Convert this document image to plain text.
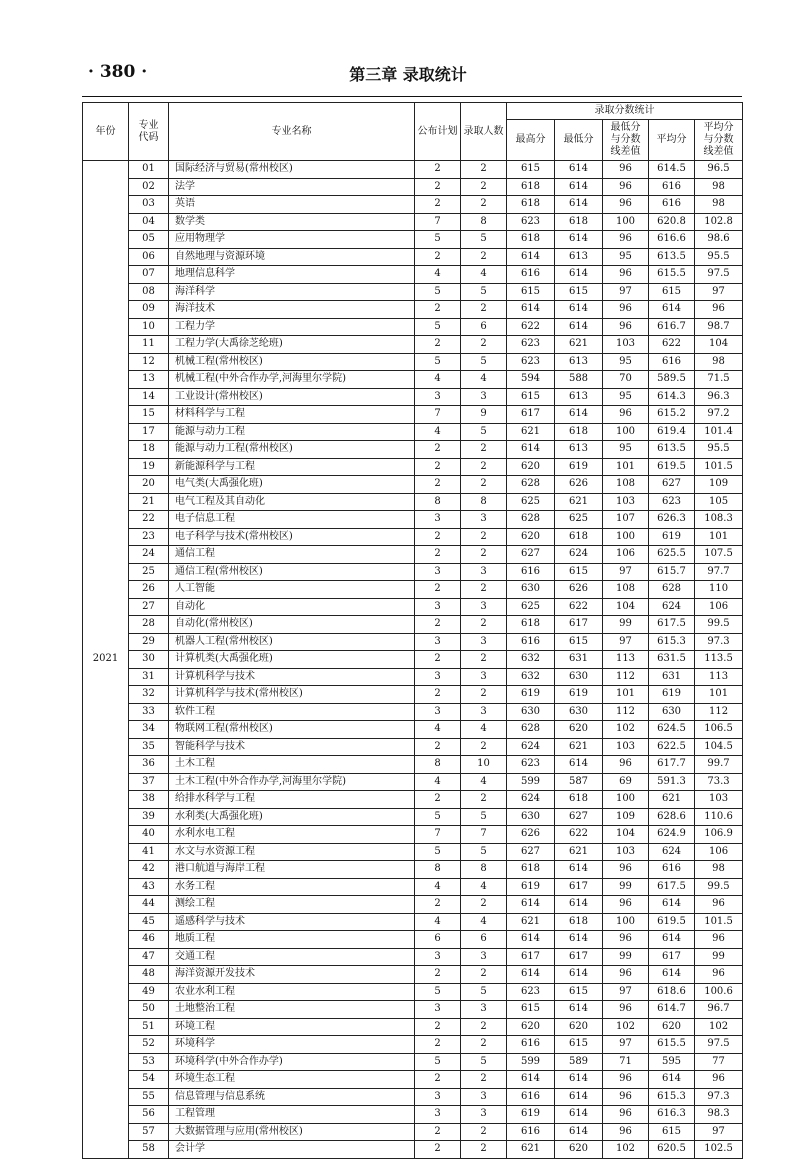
· 380 ·	第三章 录取统计
年份	专业代码	专业名称	公布计划	录取人数	录取分数统计				
					最高分	最低分	最低分与分数线差值	平均分	平均分与分数线差值
2021	01	国际经济与贸易(常州校区)	2	2	615	614	96	614.5	96.5
	02	法学	2	2	618	614	96	616	98
	03	英语	2	2	618	614	96	616	98
	04	数学类	7	8	623	618	100	620.8	102.8
	05	应用物理学	5	5	618	614	96	616.6	98.6
	06	自然地理与资源环境	2	2	614	613	95	613.5	95.5
	07	地理信息科学	4	4	616	614	96	615.5	97.5
	08	海洋科学	5	5	615	615	97	615	97
	09	海洋技术	2	2	614	614	96	614	96
	10	工程力学	5	6	622	614	96	616.7	98.7
	11	工程力学(大禹徐芝纶班)	2	2	623	621	103	622	104
	12	机械工程(常州校区)	5	5	623	613	95	616	98
	13	机械工程(中外合作办学,河海里尔学院)	4	4	594	588	70	589.5	71.5
	14	工业设计(常州校区)	3	3	615	613	95	614.3	96.3
	15	材料科学与工程	7	9	617	614	96	615.2	97.2
	17	能源与动力工程	4	5	621	618	100	619.4	101.4
	18	能源与动力工程(常州校区)	2	2	614	613	95	613.5	95.5
	19	新能源科学与工程	2	2	620	619	101	619.5	101.5
	20	电气类(大禹强化班)	2	2	628	626	108	627	109
	21	电气工程及其自动化	8	8	625	621	103	623	105
	22	电子信息工程	3	3	628	625	107	626.3	108.3
	23	电子科学与技术(常州校区)	2	2	620	618	100	619	101
	24	通信工程	2	2	627	624	106	625.5	107.5
	25	通信工程(常州校区)	3	3	616	615	97	615.7	97.7
	26	人工智能	2	2	630	626	108	628	110
	27	自动化	3	3	625	622	104	624	106
	28	自动化(常州校区)	2	2	618	617	99	617.5	99.5
	29	机器人工程(常州校区)	3	3	616	615	97	615.3	97.3
	30	计算机类(大禹强化班)	2	2	632	631	113	631.5	113.5
	31	计算机科学与技术	3	3	632	630	112	631	113
	32	计算机科学与技术(常州校区)	2	2	619	619	101	619	101
	33	软件工程	3	3	630	630	112	630	112
	34	物联网工程(常州校区)	4	4	628	620	102	624.5	106.5
	35	智能科学与技术	2	2	624	621	103	622.5	104.5
	36	土木工程	8	10	623	614	96	617.7	99.7
	37	土木工程(中外合作办学,河海里尔学院)	4	4	599	587	69	591.3	73.3
	38	给排水科学与工程	2	2	624	618	100	621	103
	39	水利类(大禹强化班)	5	5	630	627	109	628.6	110.6
	40	水利水电工程	7	7	626	622	104	624.9	106.9
	41	水文与水资源工程	5	5	627	621	103	624	106
	42	港口航道与海岸工程	8	8	618	614	96	616	98
	43	水务工程	4	4	619	617	99	617.5	99.5
	44	测绘工程	2	2	614	614	96	614	96
	45	遥感科学与技术	4	4	621	618	100	619.5	101.5
	46	地质工程	6	6	614	614	96	614	96
	47	交通工程	3	3	617	617	99	617	99
	48	海洋资源开发技术	2	2	614	614	96	614	96
	49	农业水利工程	5	5	623	615	97	618.6	100.6
	50	土地整治工程	3	3	615	614	96	614.7	96.7
	51	环境工程	2	2	620	620	102	620	102
	52	环境科学	2	2	616	615	97	615.5	97.5
	53	环境科学(中外合作办学)	5	5	599	589	71	595	77
	54	环境生态工程	2	2	614	614	96	614	96
	55	信息管理与信息系统	3	3	616	614	96	615.3	97.3
	56	工程管理	3	3	619	614	96	616.3	98.3
	57	大数据管理与应用(常州校区)	2	2	616	614	96	615	97
	58	会计学	2	2	621	620	102	620.5	102.5
